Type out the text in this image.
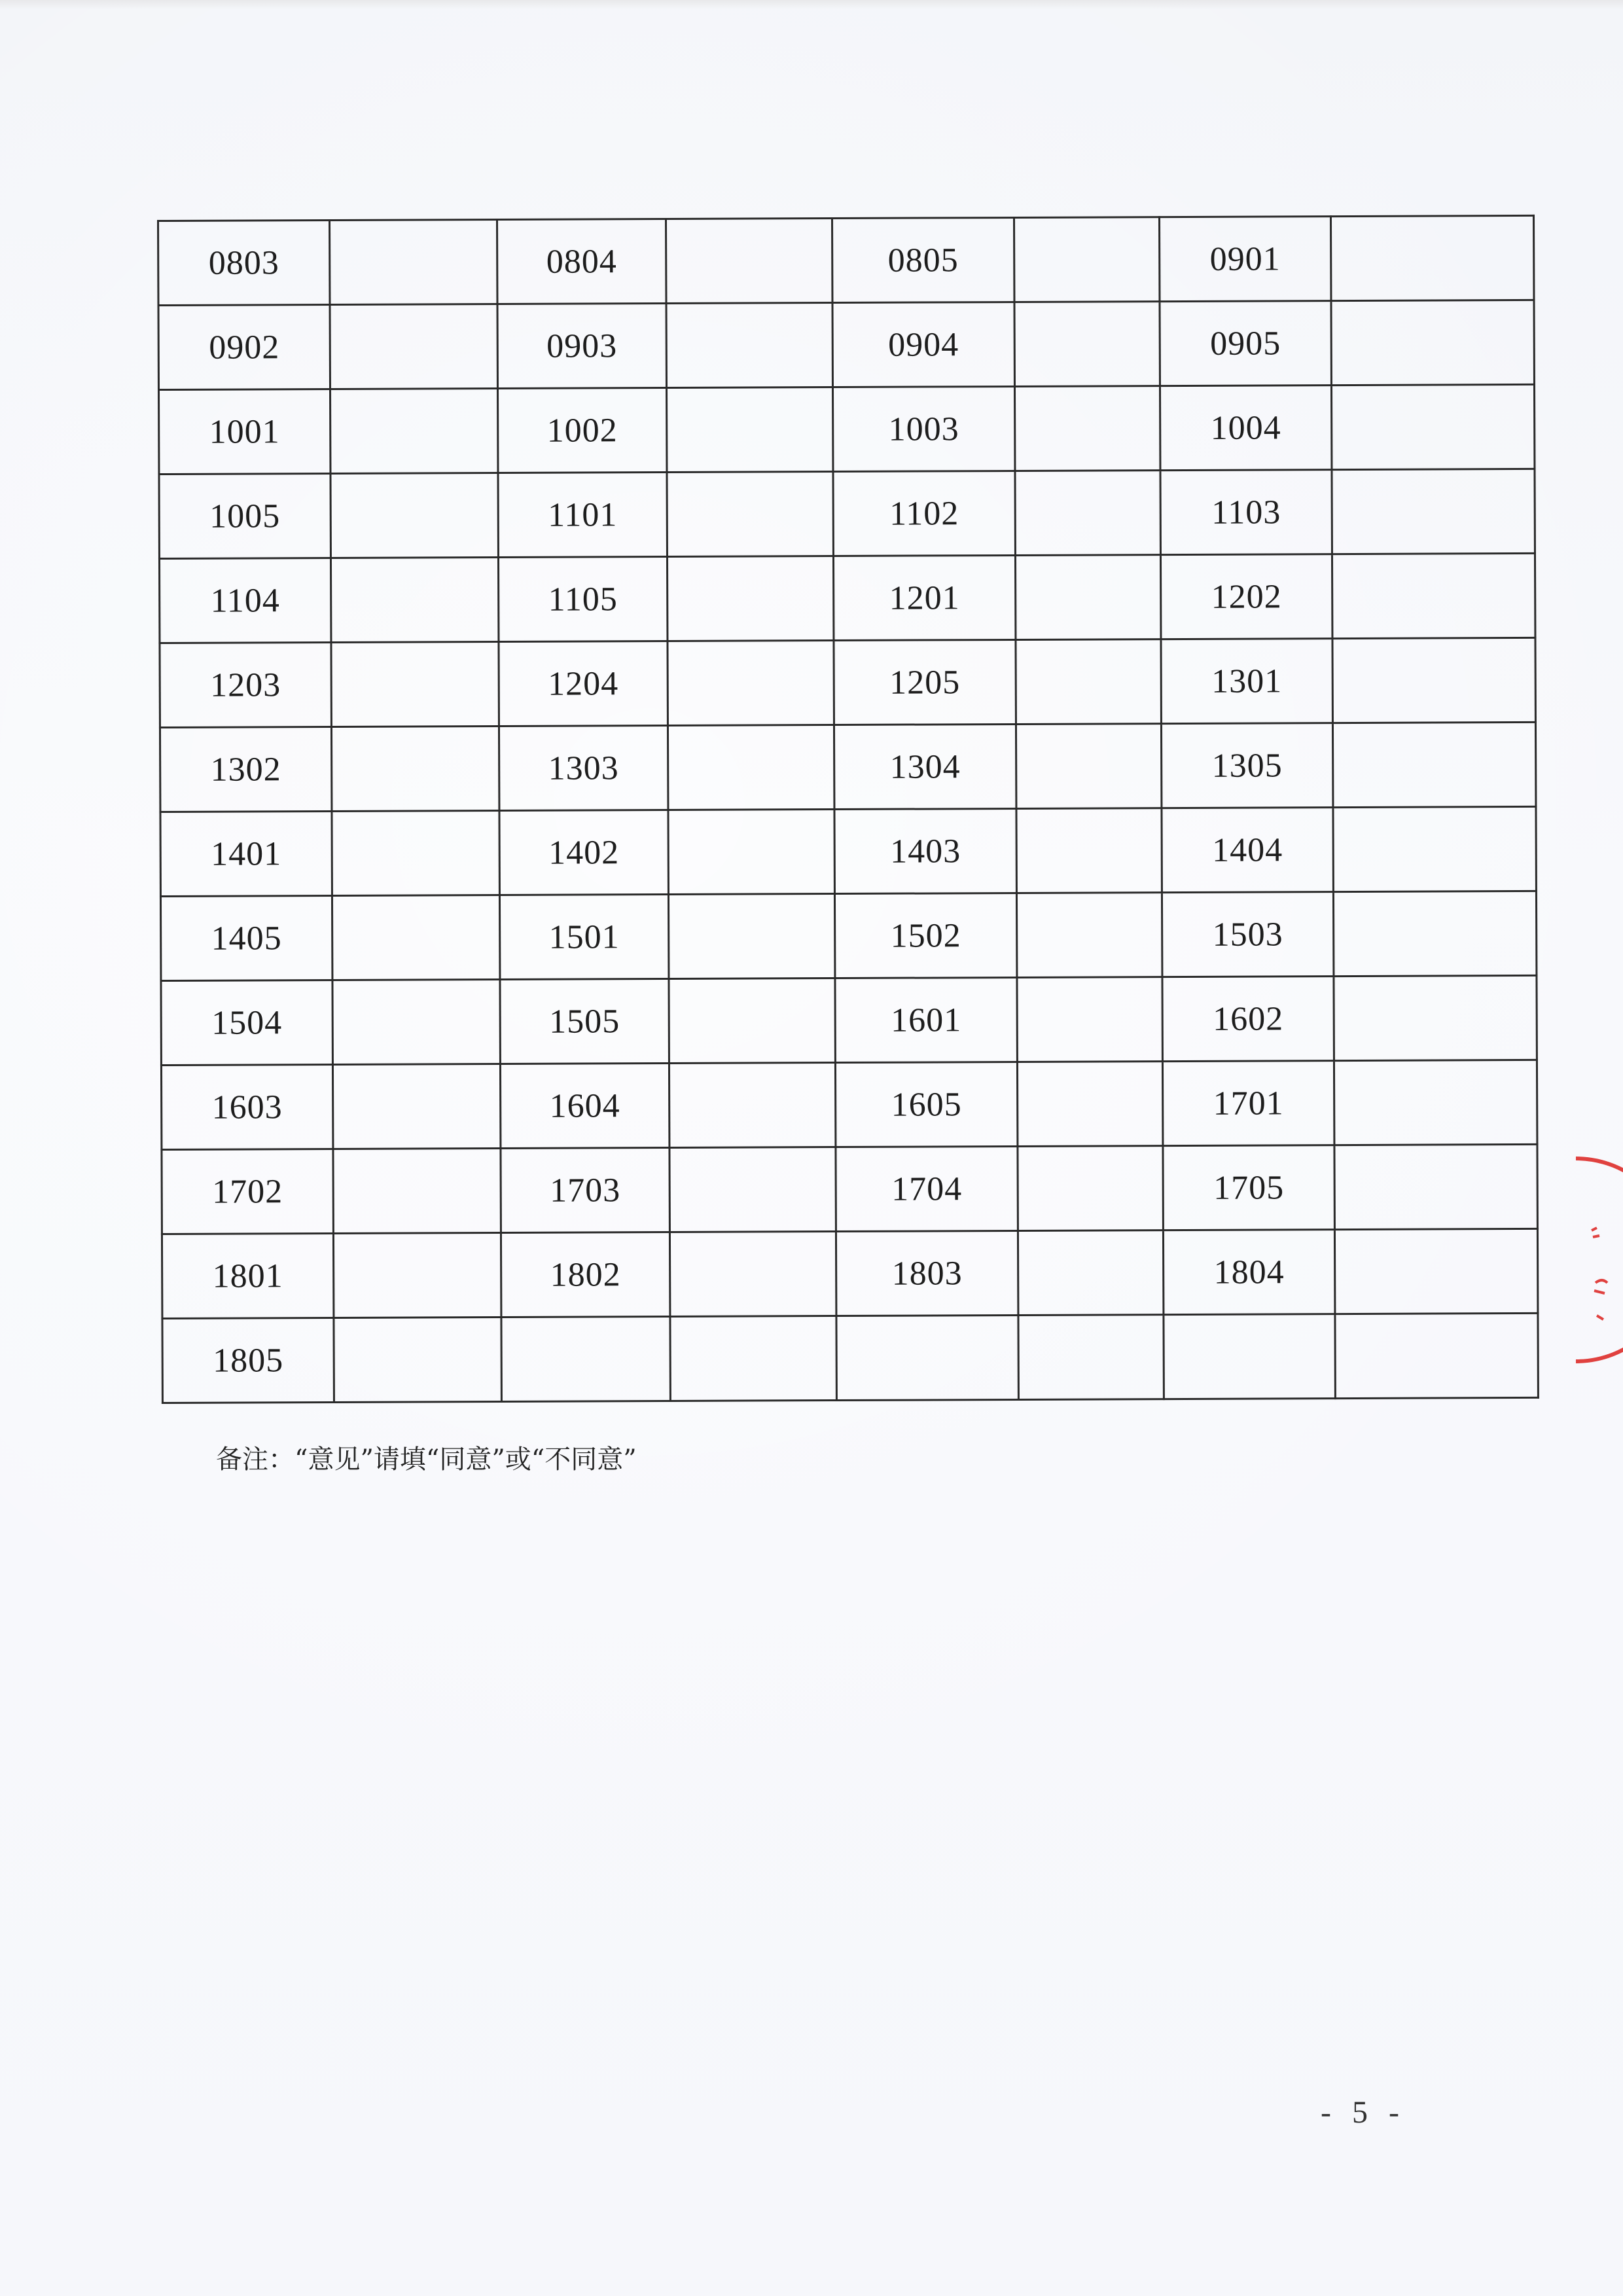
0803		0804		0805		0901	
0902		0903		0904		0905	
1001		1002		1003		1004	
1005		1101		1102		1103	
1104		1105		1201		1202	
1203		1204		1205		1301	
1302		1303		1304		1305	
1401		1402		1403		1404	
1405		1501		1502		1503	
1504		1505		1601		1602	
1603		1604		1605		1701	
1702		1703		1704		1705	
1801		1802		1803		1804	
1805							
备注：“意见”请填“同意”或“不同意”
- 5 -
